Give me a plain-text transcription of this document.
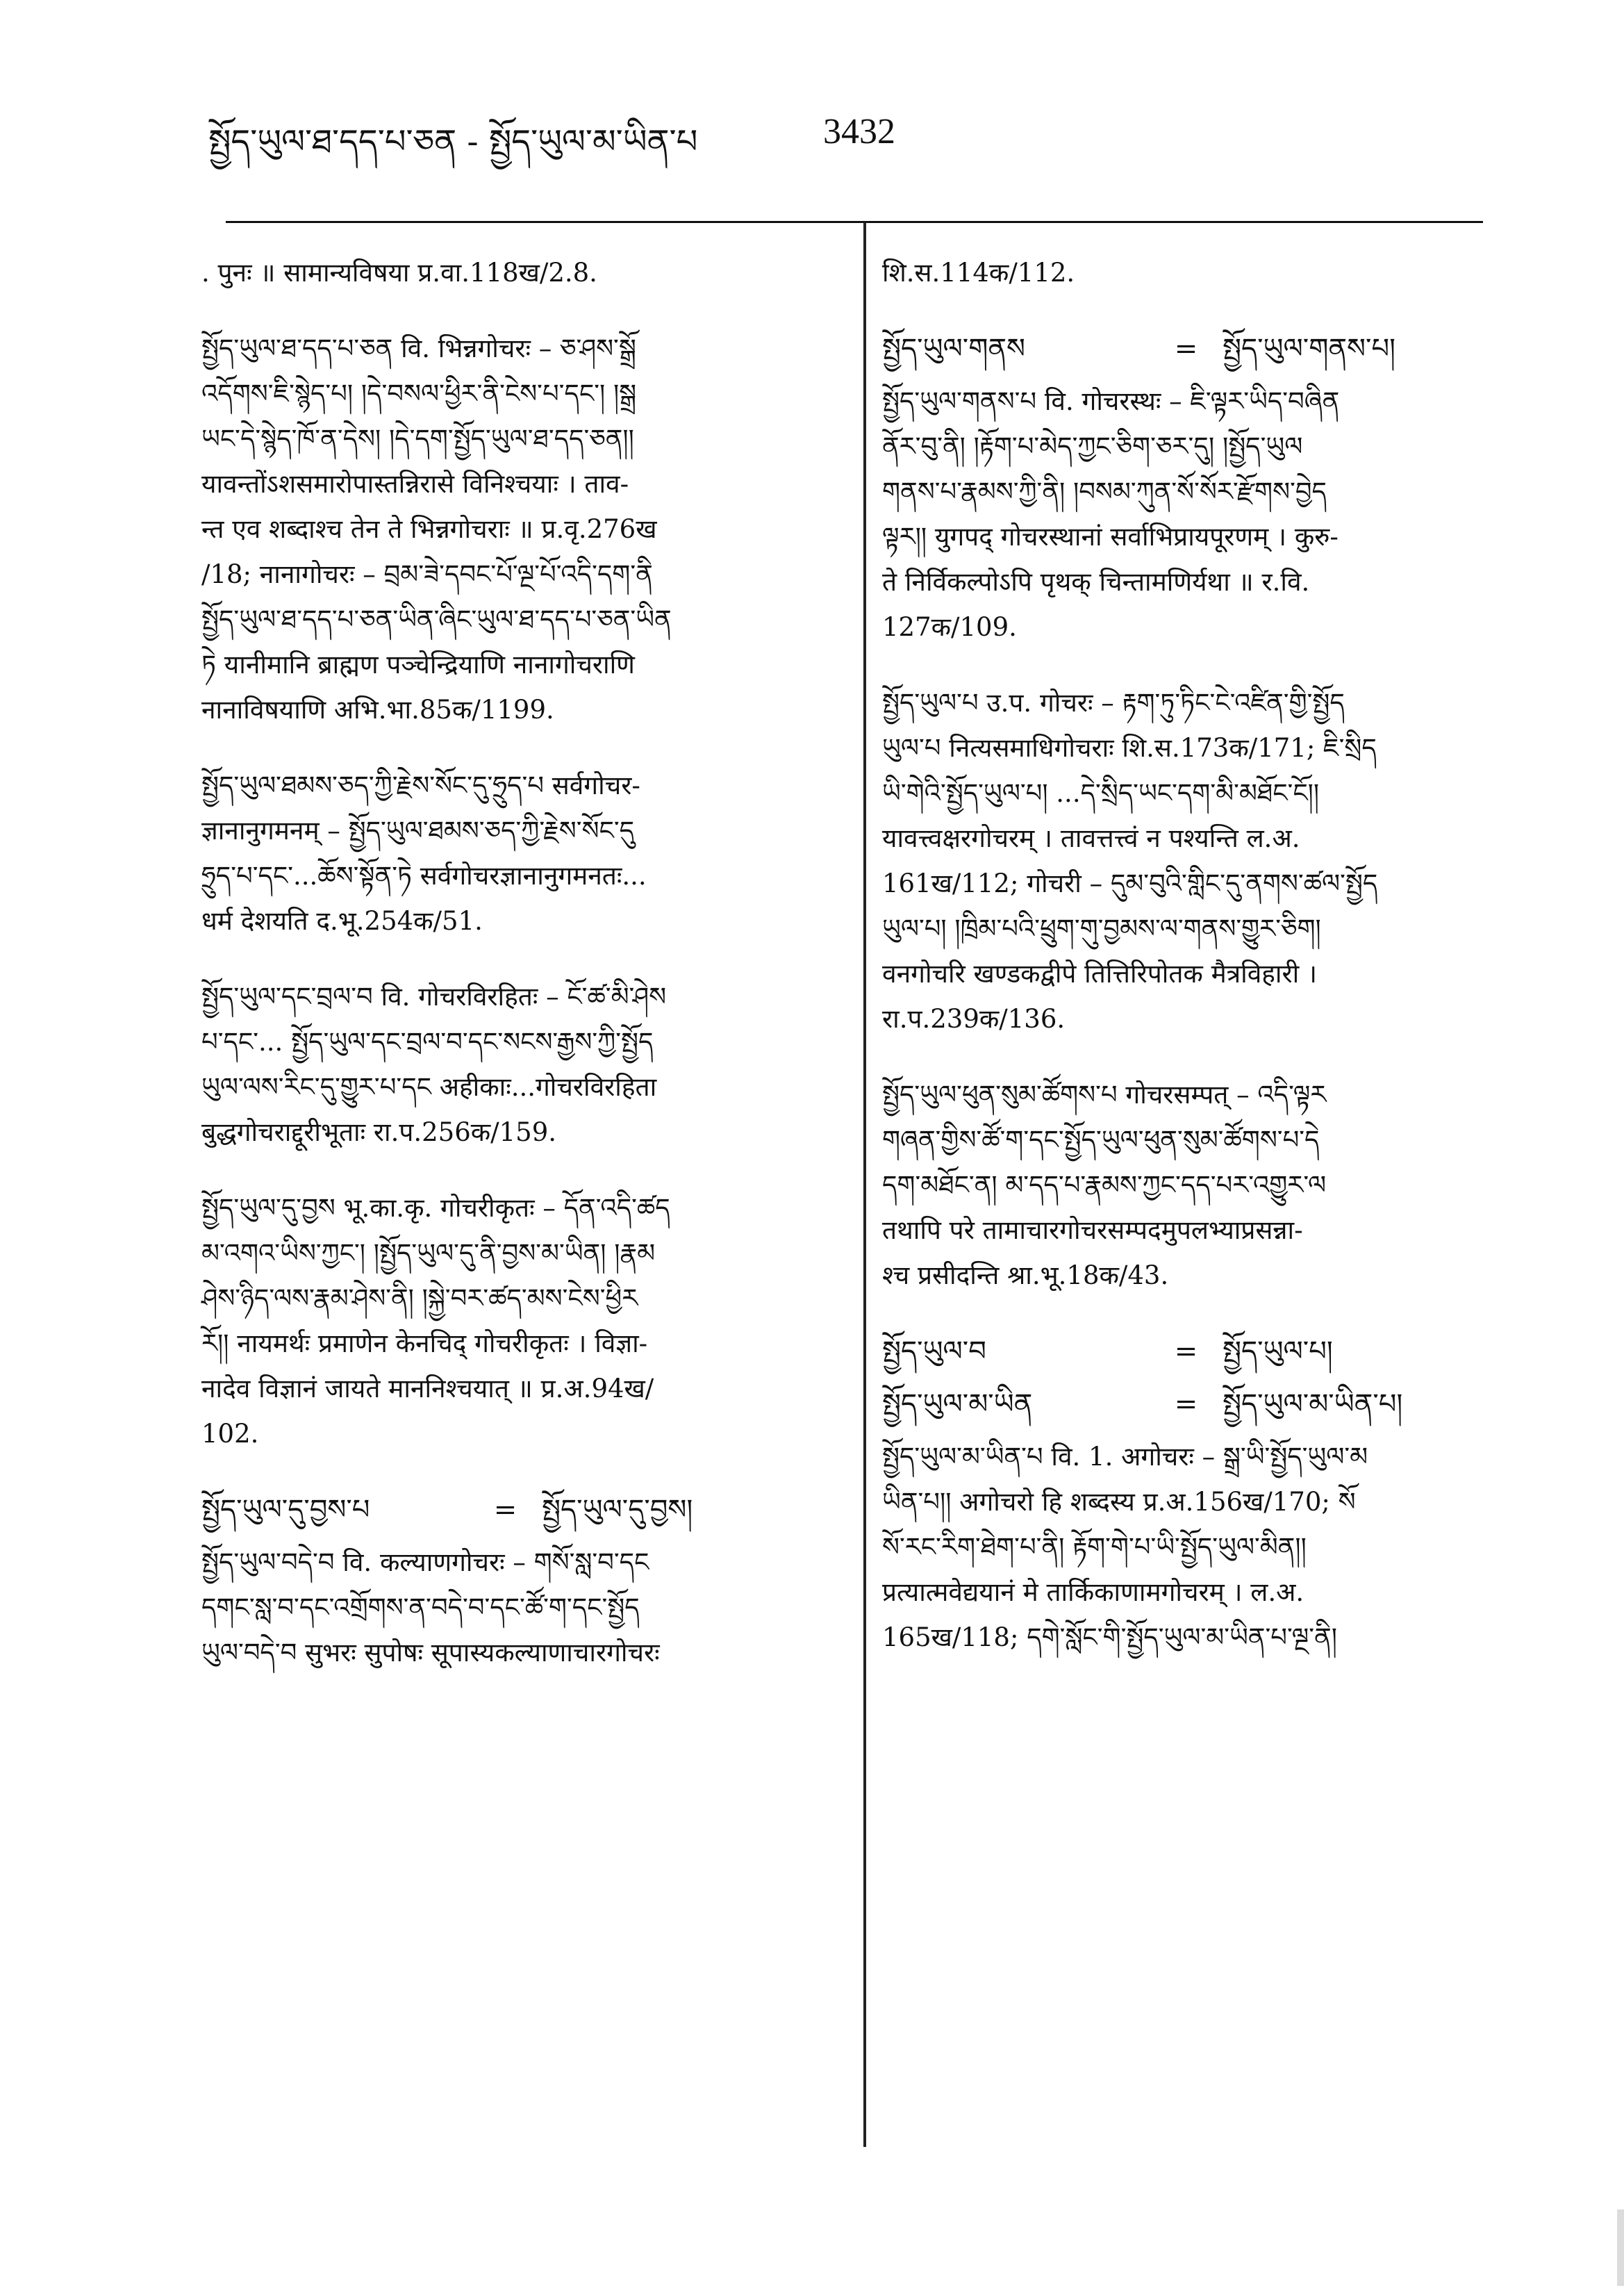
སྤྱོད་ཡུལ་ཐ་དད་པ་ཅན - སྤྱོད་ཡུལ་མ་ཡིན་པ	3432

. पुनः ॥ सामान्यविषया प्र.वा.118ख/2.8.

སྤྱོད་ཡུལ་ཐ་དད་པ་ཅན वि. भिन्नगोचरः – ཅ་ཤས་སྒྲོ

འདོགས་ཇི་སྙེད་པ། །དེ་བསལ་ཕྱིར་ནི་ངེས་པ་དང་། །སྒྲ

ཡང་དེ་སྙེད་ཁོ་ན་དེས། །དེ་དག་སྤྱོད་ཡུལ་ཐ་དད་ཅན།།

यावन्तोंऽशसमारोपास्तन्निरासे विनिश्चयाः । ताव-

न्त एव शब्दाश्च तेन ते भिन्नगोचराः ॥ प्र.वृ.276ख

/18; नानागोचरः – བྲམ་ཟེ་དབང་པོ་ལྔ་པོ་འདི་དག་ནི

སྤྱོད་ཡུལ་ཐ་དད་པ་ཅན་ཡིན་ཞིང་ཡུལ་ཐ་དད་པ་ཅན་ཡིན

ཏེ यानीमानि ब्राह्मण पञ्चेन्द्रियाणि नानागोचराणि

नानाविषयाणि अभि.भा.85क/1199.

སྤྱོད་ཡུལ་ཐམས་ཅད་ཀྱི་རྗེས་སོང་དུ་ཧྲུད་པ सर्वगोचर-

ज्ञानानुगमनम् – སྤྱོད་ཡུལ་ཐམས་ཅད་ཀྱི་རྗེས་སོང་དུ

ཧྲུད་པ་དང་...ཆོས་སྟོན་ཏེ सर्वगोचरज्ञानानुगमनतः...

धर्म देशयति द.भू.254क/51.

སྤྱོད་ཡུལ་དང་བྲལ་བ वि. गोचरविरहितः – ངོ་ཚ་མི་ཤེས

པ་དང་... སྤྱོད་ཡུལ་དང་བྲལ་བ་དང་སངས་རྒྱས་ཀྱི་སྤྱོད

ཡུལ་ལས་རིང་དུ་གྱུར་པ་དང अहीकाः...गोचरविरहिता

बुद्धगोचराद्दूरीभूताः रा.प.256क/159.

སྤྱོད་ཡུལ་དུ་བྱས भू.का.कृ. गोचरीकृतः – དོན་འདི་ཚད

མ་འགའ་ཡིས་ཀྱང་། །སྤྱོད་ཡུལ་དུ་ནི་བྱས་མ་ཡིན། །རྣམ

ཤེས་ཉིད་ལས་རྣམ་ཤེས་ནི། །སྐྱེ་བར་ཚད་མས་ངེས་ཕྱིར

རོ།། नायमर्थः प्रमाणेन केनचिद् गोचरीकृतः । विज्ञा-

नादेव विज्ञानं जायते माननिश्चयात् ॥ प्र.अ.94ख/

102.

སྤྱོད་ཡུལ་དུ་བྱས་པ	= སྤྱོད་ཡུལ་དུ་བྱས།

སྤྱོད་ཡུལ་བདེ་བ वि. कल्याणगोचरः – གསོ་སླ་བ་དང

དགང་སླ་བ་དང་འགྲོགས་ན་བདེ་བ་དང་ཚོ་ག་དང་སྤྱོད

ཡུལ་བདེ་བ सुभरः सुपोषः सूपास्यकल्याणाचारगोचरः

शि.स.114क/112.

སྤྱོད་ཡུལ་གནས	= སྤྱོད་ཡུལ་གནས་པ།

སྤྱོད་ཡུལ་གནས་པ वि. गोचरस्थः – ཇི་ལྟར་ཡིད་བཞིན

ནོར་བུ་ནི། །རྟོག་པ་མེད་ཀྱང་ཅིག་ཅར་དུ། །སྤྱོད་ཡུལ

གནས་པ་རྣམས་ཀྱི་ནི། །བསམ་ཀུན་སོ་སོར་རྫོགས་བྱེད

ལྟར།། युगपद् गोचरस्थानां सर्वाभिप्रायपूरणम् । कुरु-

ते निर्विकल्पोऽपि पृथक् चिन्तामणिर्यथा ॥ र.वि.

127क/109.

སྤྱོད་ཡུལ་པ उ.प. गोचरः – རྟག་ཏུ་ཏིང་ངེ་འཛིན་གྱི་སྤྱོད

ཡུལ་པ नित्यसमाधिगोचराः शि.स.173क/171; ཇི་སྲིད

ཡི་གེའི་སྤྱོད་ཡུལ་པ། ...དེ་སྲིད་ཡང་དག་མི་མཐོང་ངོ།།

यावत्त्वक्षरगोचरम् । तावत्तत्त्वं न पश्यन्ति ल.अ.

161ख/112; गोचरी – དུམ་བུའི་གླིང་དུ་ནགས་ཚལ་སྤྱོད

ཡུལ་པ། །ཁྲིམ་པའི་ཕྲུག་གུ་བྱམས་ལ་གནས་གྱུར་ཅིག།

वनगोचरि खण्डकद्वीपे तित्तिरिपोतक मैत्रविहारी ।

रा.प.239क/136.

སྤྱོད་ཡུལ་ཕུན་སུམ་ཚོགས་པ गोचरसम्पत् – འདི་ལྟར

གཞན་གྱིས་ཚོ་ག་དང་སྤྱོད་ཡུལ་ཕུན་སུམ་ཚོགས་པ་དེ

དག་མཐོང་ན། མ་དད་པ་རྣམས་ཀྱང་དད་པར་འགྱུར་ལ

तथापि परे तामाचारगोचरसम्पदमुपलभ्याप्रसन्ना-

श्च प्रसीदन्ति श्रा.भू.18क/43.

སྤྱོད་ཡུལ་བ	= སྤྱོད་ཡུལ་པ།
སྤྱོད་ཡུལ་མ་ཡིན	= སྤྱོད་ཡུལ་མ་ཡིན་པ།

སྤྱོད་ཡུལ་མ་ཡིན་པ वि. 1. अगोचरः – སྒྲ་ཡི་སྤྱོད་ཡུལ་མ

ཡིན་པ།། अगोचरो हि शब्दस्य प्र.अ.156ख/170; སོ

སོ་རང་རིག་ཐེག་པ་ནི། རྟོག་གེ་པ་ཡི་སྤྱོད་ཡུལ་མིན།།

प्रत्यात्मवेद्ययानं मे तार्किकाणामगोचरम् । ल.अ.

165ख/118; དགེ་སློང་གི་སྤྱོད་ཡུལ་མ་ཡིན་པ་ལྔ་ནི།
